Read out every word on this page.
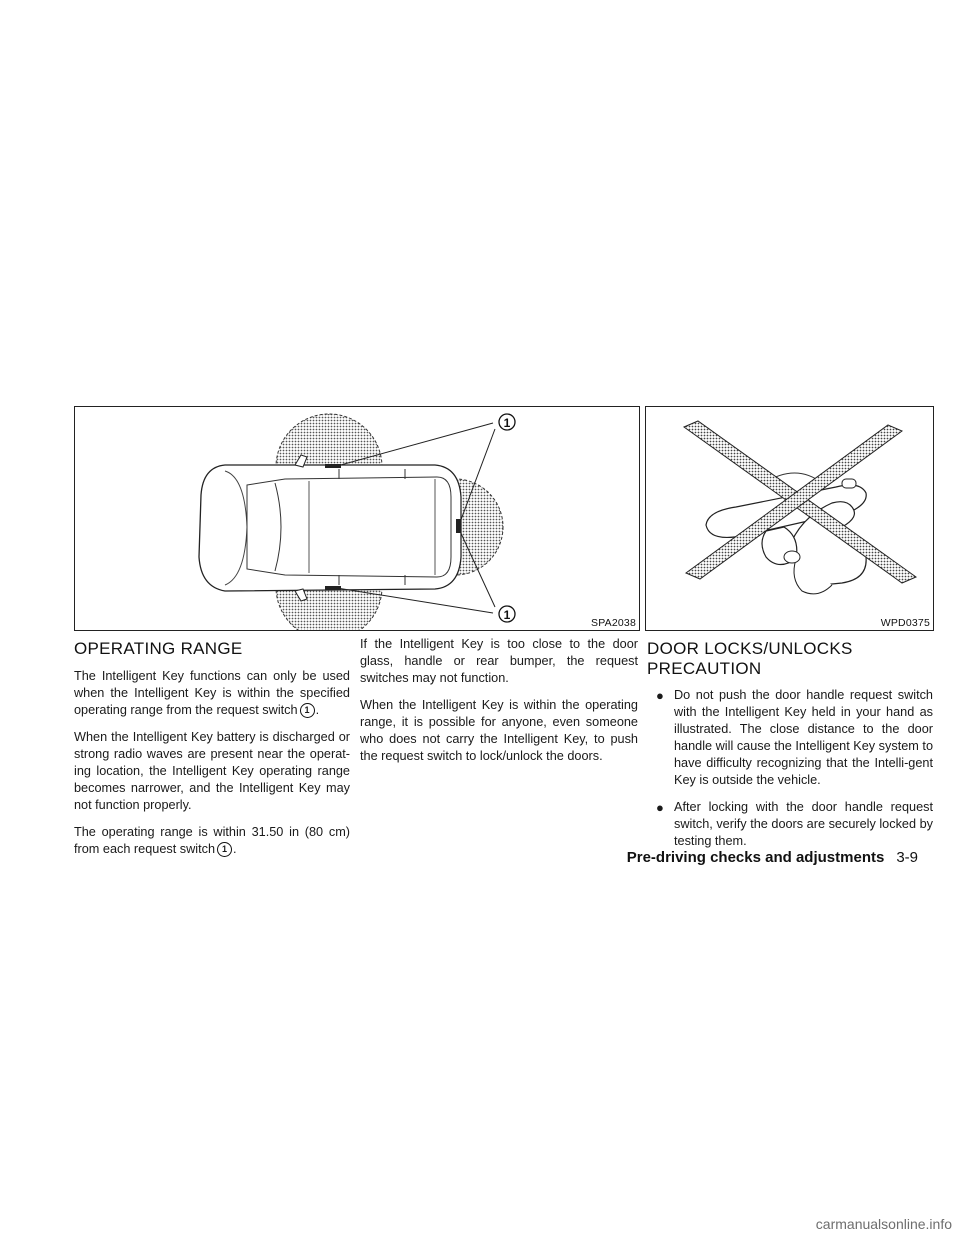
1
1
SPA2038	WPD0375
OPERATING RANGE

The Intelligent Key functions can only be used when the Intelligent Key is within the specified operating range from the request switch 1 .

When the Intelligent Key battery is discharged or strong radio waves are present near the operat-ing location, the Intelligent Key operating range becomes narrower, and the Intelligent Key may not function properly.

The operating range is within 31.50 in (80 cm) from each request switch 1 .

If the Intelligent Key is too close to the door glass, handle or rear bumper, the request switches may not function.

When the Intelligent Key is within the operating range, it is possible for anyone, even someone who does not carry the Intelligent Key, to push the request switch to lock/unlock the doors.

DOOR LOCKS/UNLOCKS
PRECAUTION
● Do not push the door handle request switch with the Intelligent Key held in your hand as illustrated. The close distance to the door handle will cause the Intelligent Key system to have difficulty recognizing that the Intelli-gent Key is outside the vehicle.
● After locking with the door handle request switch, verify the doors are securely locked by testing them.
Pre-driving checks and adjustments 3-9
carmanualsonline.info
